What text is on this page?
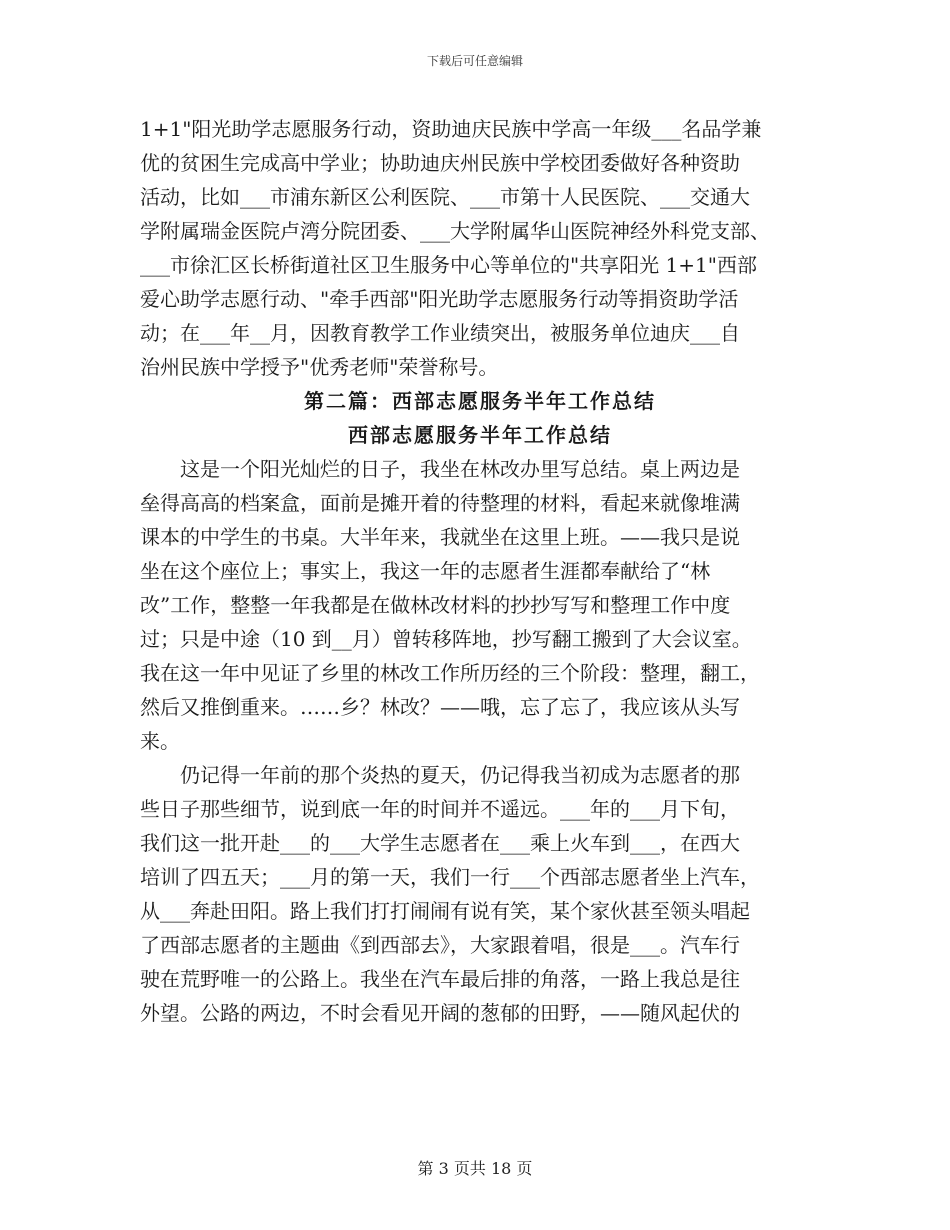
下载后可任意编辑
1+1"阳光助学志愿服务行动，资助迪庆民族中学高一年级___名品学兼
优的贫困生完成高中学业；协助迪庆州民族中学校团委做好各种资助
活动，比如___市浦东新区公利医院、___市第十人民医院、___交通大
学附属瑞金医院卢湾分院团委、___大学附属华山医院神经外科党支部、
___市徐汇区长桥街道社区卫生服务中心等单位的"共享阳光 1+1"西部
爱心助学志愿行动、"牵手西部"阳光助学志愿服务行动等捐资助学活
动；在___年__月，因教育教学工作业绩突出，被服务单位迪庆___自
治州民族中学授予"优秀老师"荣誉称号。
第二篇：西部志愿服务半年工作总结
西部志愿服务半年工作总结
　　这是一个阳光灿烂的日子，我坐在林改办里写总结。桌上两边是
垒得高高的档案盒，面前是摊开着的待整理的材料，看起来就像堆满
课本的中学生的书桌。大半年来，我就坐在这里上班。——我只是说
坐在这个座位上；事实上，我这一年的志愿者生涯都奉献给了“林
改”工作，整整一年我都是在做林改材料的抄抄写写和整理工作中度
过；只是中途（10 到__月）曾转移阵地，抄写翻工搬到了大会议室。
我在这一年中见证了乡里的林改工作所历经的三个阶段：整理，翻工，
然后又推倒重来。……乡？林改？——哦，忘了忘了，我应该从头写
来。
　　仍记得一年前的那个炎热的夏天，仍记得我当初成为志愿者的那
些日子那些细节，说到底一年的时间并不遥远。___年的___月下旬，
我们这一批开赴___的___大学生志愿者在___乘上火车到___，在西大
培训了四五天；___月的第一天，我们一行___个西部志愿者坐上汽车，
从___奔赴田阳。路上我们打打闹闹有说有笑，某个家伙甚至领头唱起
了西部志愿者的主题曲《到西部去》，大家跟着唱，很是___。汽车行
驶在荒野唯一的公路上。我坐在汽车最后排的角落，一路上我总是往
外望。公路的两边，不时会看见开阔的葱郁的田野，——随风起伏的
第 3 页共 18 页
